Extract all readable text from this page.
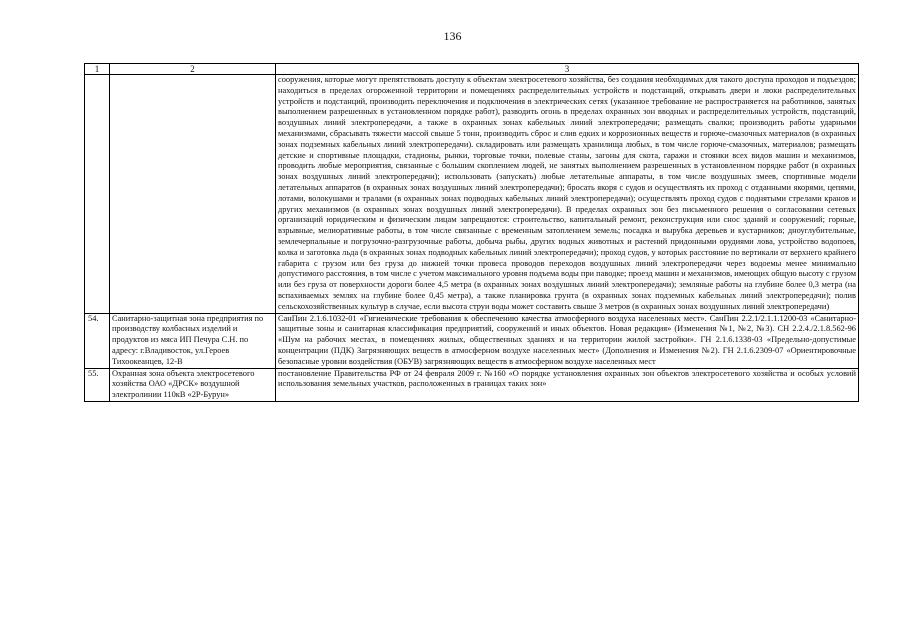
136
1	2	3
		сооружения, которые могут препятствовать доступу к объектам электросетевого хозяйства, без создания необходимых для такого доступа проходов и подъездов; находиться в пределах огороженной территории и помещениях распределительных устройств и подстанций, открывать двери и люки распределительных устройств и подстанций, производить переключения и подключения в электрических сетях (указанное требование не распространяется на работников, занятых выполнением разрешенных в установленном порядке работ), разводить огонь в пределах охранных зон вводных и распределительных устройств, подстанций, воздушных линий электропередачи, а также в охранных зонах кабельных линий электропередачи; размещать свалки; производить работы ударными механизмами, сбрасывать тяжести массой свыше 5 тонн, производить сброс и слив едких и коррозионных веществ и горюче-смазочных материалов (в охранных зонах подземных кабельных линий электропередачи). складировать или размещать хранилища любых, в том числе горюче-смазочных, материалов; размещать детские и спортивные площадки, стадионы, рынки, торговые точки, полевые станы, загоны для скота, гаражи и стоянки всех видов машин и механизмов, проводить любые мероприятия, связанные с большим скоплением людей, не занятых выполнением разрешенных в установленном порядке работ (в охранных зонах воздушных линий электропередачи); использовать (запускать) любые летательные аппараты, в том числе воздушных змеев, спортивные модели летательных аппаратов (в охранных зонах воздушных линий электропередачи); бросать якоря с судов и осуществлять их проход с отданными якорями, цепями, лотами, волокушами и тралами (в охранных зонах подводных кабельных линий электропередачи); осуществлять проход судов с поднятыми стрелами кранов и других механизмов (в охранных зонах воздушных линий электропередачи). В пределах охранных зон без письменного решения о согласовании сетевых организаций юридическим и физическим лицам запрещаются: строительство, капитальный ремонт, реконструкция или снос зданий и сооружений; горные, взрывные, мелиоративные работы, в том числе связанные с временным затоплением земель; посадка и вырубка деревьев и кустарников; дноуглубительные, землечерпальные и погрузочно-разгрузочные работы, добыча рыбы, других водных животных и растений придонными орудиями лова, устройство водопоев, колка и заготовка льда (в охранных зонах подводных кабельных линий электропередачи); проход судов, у которых расстояние по вертикали от верхнего крайнего габарита с грузом или без груза до нижней точки провеса проводов переходов воздушных линий электропередачи через водоемы менее минимально допустимого расстояния, в том числе с учетом максимального уровня подъема воды при паводке; проезд машин и механизмов, имеющих общую высоту с грузом или без груза от поверхности дороги более 4,5 метра (в охранных зонах воздушных линий электропередачи); земляные работы на глубине более 0,3 метра (на вспахиваемых землях на глубине более 0,45 метра), а также планировка грунта (в охранных зонах подземных кабельных линий электропередачи); полив сельскохозяйственных культур в случае, если высота струи воды может составить свыше 3 метров (в охранных зонах воздушных линий электропередачи)
54.	Санитарно-защитная зона предприятия по производству колбасных изделий и продуктов из мяса ИП Печура С.Н. по адресу: г.Владивосток, ул.Героев Тихоокеанцев, 12-В	СанПин 2.1.6.1032-01 «Гигиенические требования к обеспечению качества атмосферного воздуха населенных мест». СанПин 2.2.1/2.1.1.1200-03 «Санитарно-защитные зоны и санитарная классификация предприятий, сооружений и иных объектов. Новая редакция» (Изменения №1, №2, №3). СН 2.2.4./2.1.8.562-96 «Шум на рабочих местах, в помещениях жилых, общественных зданиях и на территории жилой застройки». ГН 2.1.6.1338-03 «Предельно-допустимые концентрации (ПДК) Загрязняющих веществ в атмосферном воздухе населенных мест» (Дополнения и Изменения №2). ГН 2.1.6.2309-07 «Ориентировочные безопасные уровни воздействия (ОБУВ) загрязняющих веществ в атмосферном воздухе населенных мест
55.	Охранная зона объекта электросетевого хозяйства ОАО «ДРСК» воздушной электролинии 110кВ «2Р-Бурун»	постановление Правительства РФ от 24 февраля 2009 г. №160 «О порядке установления охранных зон объектов электросетевого хозяйства и особых условий использования земельных участков, расположенных в границах таких зон»
